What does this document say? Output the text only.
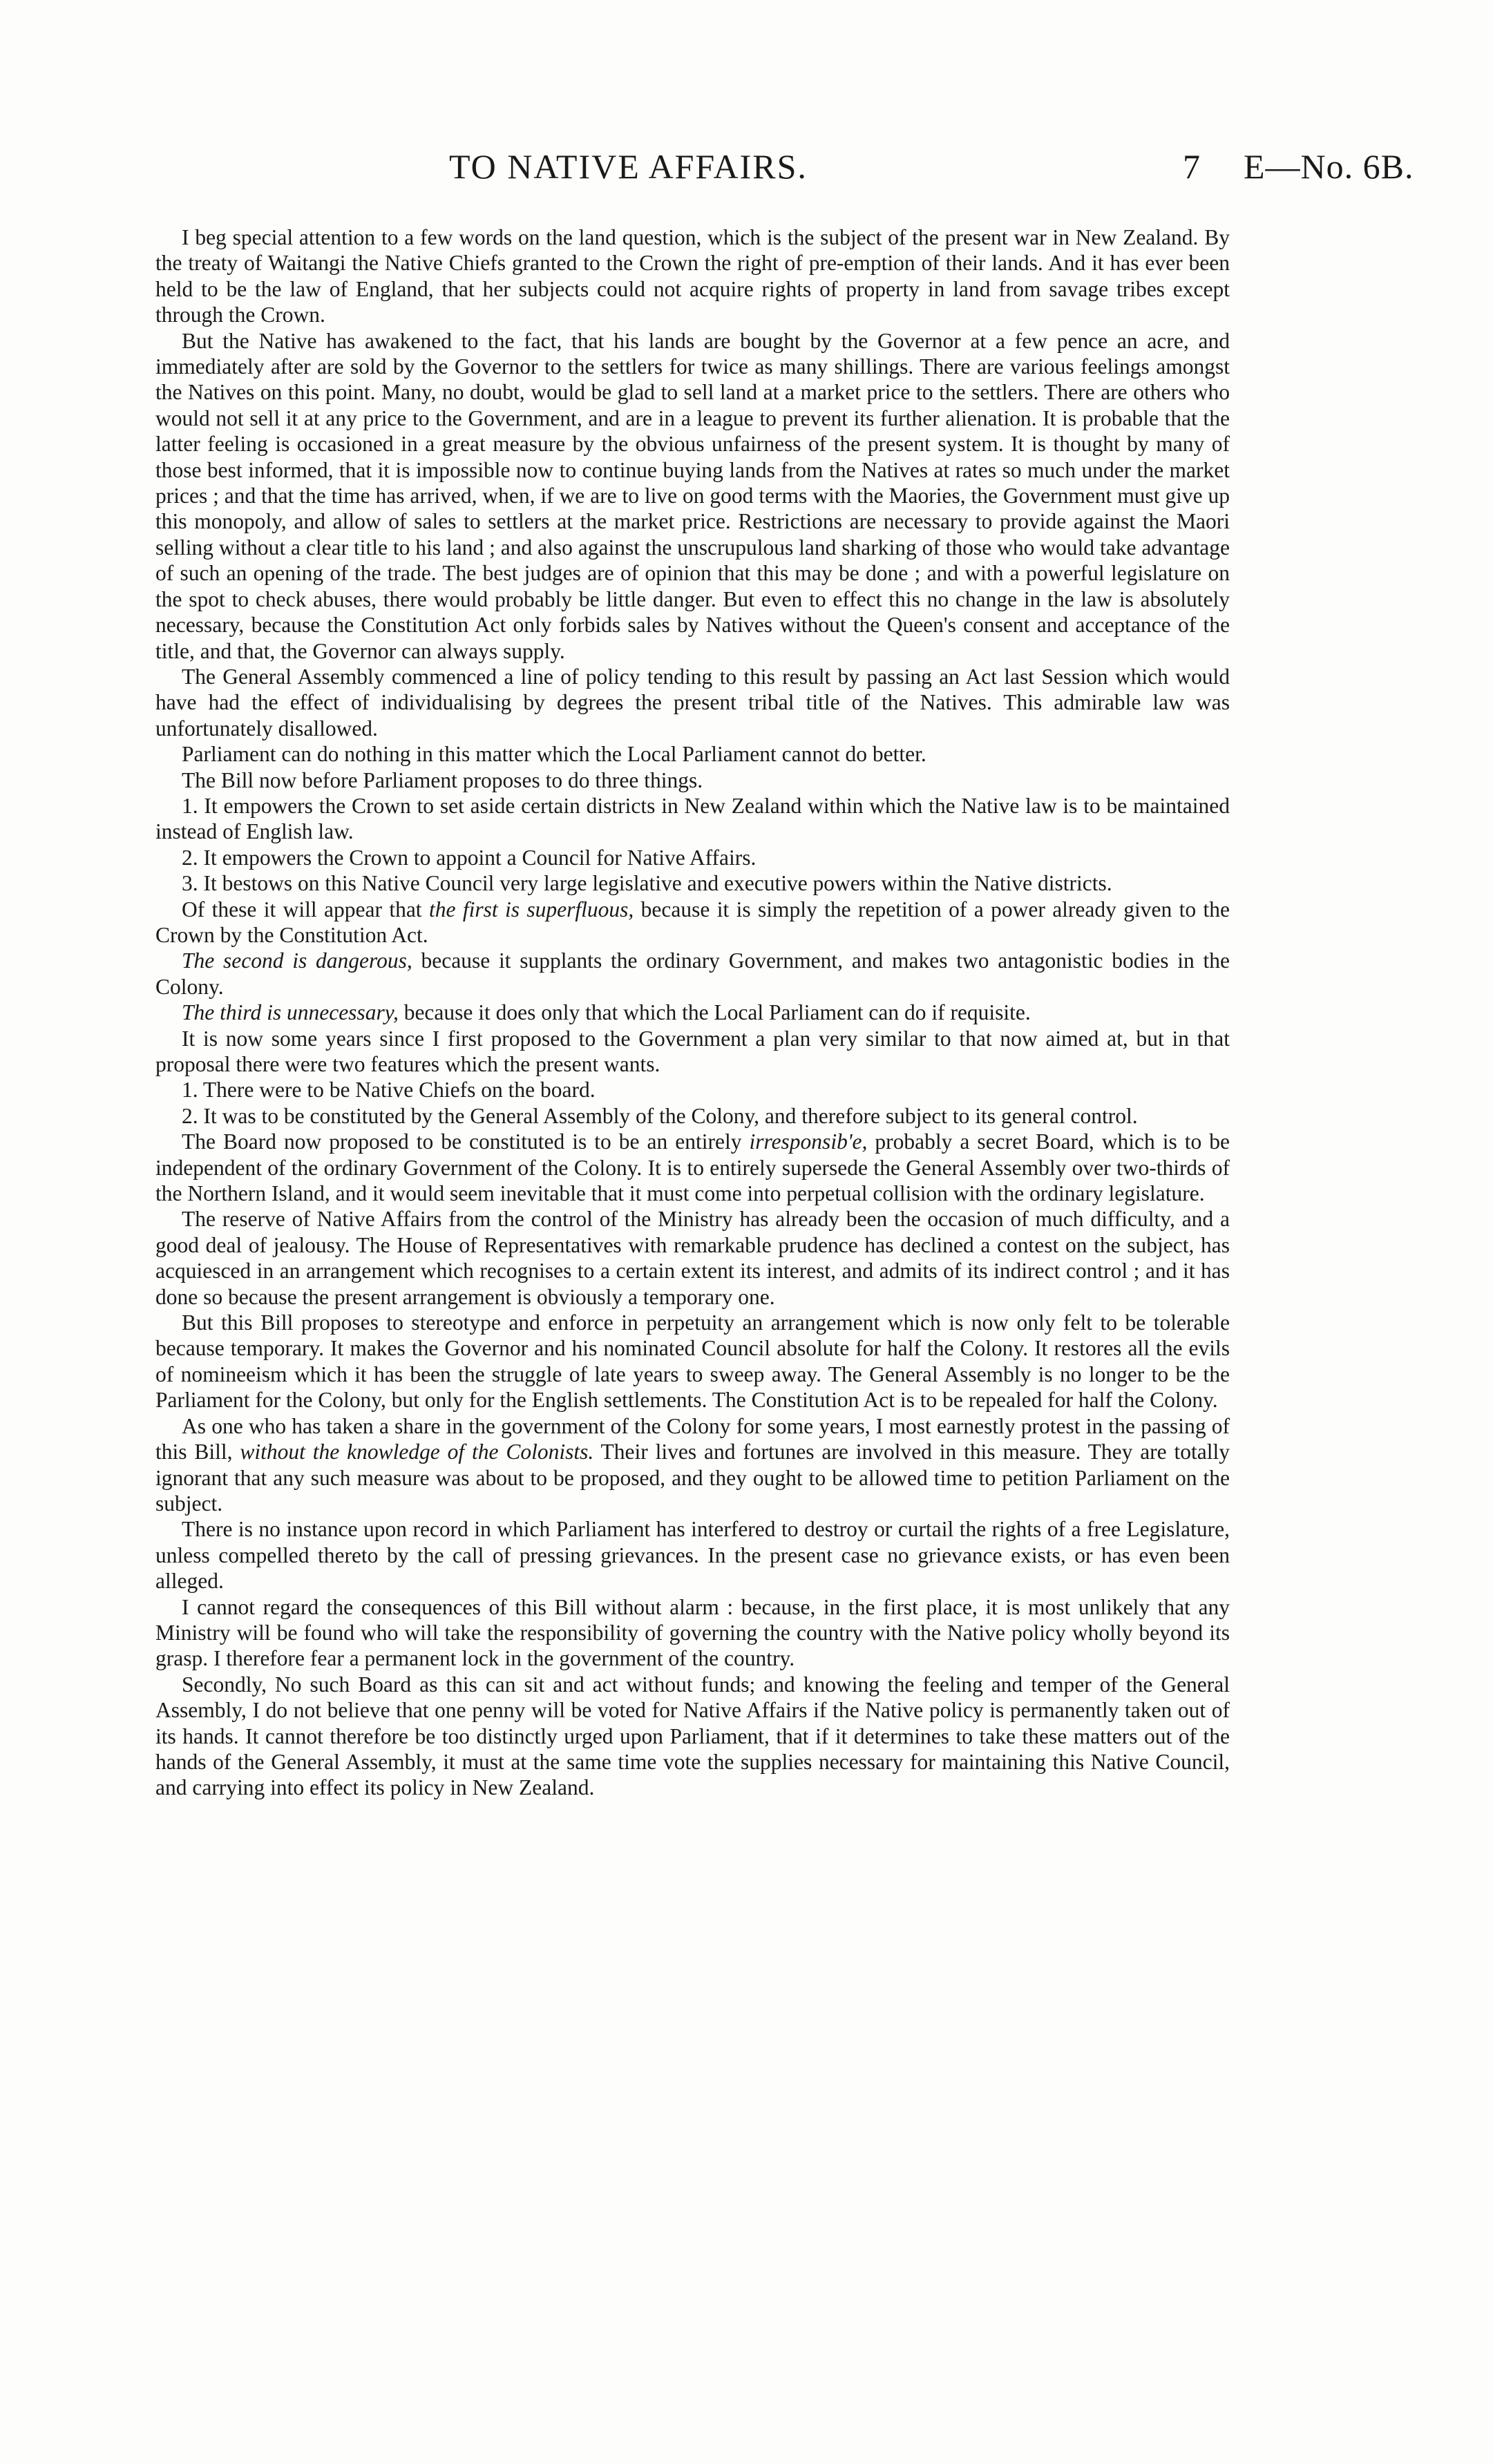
TO NATIVE AFFAIRS.	7 E—No. 6B.

I beg special attention to a few words on the land question, which is the subject of the present war in New Zealand. By the treaty of Waitangi the Native Chiefs granted to the Crown the right of pre-emption of their lands. And it has ever been held to be the law of England, that her subjects could not acquire rights of property in land from savage tribes except through the Crown.

But the Native has awakened to the fact, that his lands are bought by the Governor at a few pence an acre, and immediately after are sold by the Governor to the settlers for twice as many shillings. There are various feelings amongst the Natives on this point. Many, no doubt, would be glad to sell land at a market price to the settlers. There are others who would not sell it at any price to the Government, and are in a league to prevent its further alienation. It is probable that the latter feeling is occasioned in a great measure by the obvious unfairness of the present system. It is thought by many of those best informed, that it is impossible now to continue buying lands from the Natives at rates so much under the market prices ; and that the time has arrived, when, if we are to live on good terms with the Maories, the Government must give up this monopoly, and allow of sales to settlers at the market price. Restrictions are necessary to provide against the Maori selling without a clear title to his land ; and also against the unscrupulous land sharking of those who would take advantage of such an opening of the trade. The best judges are of opinion that this may be done ; and with a powerful legislature on the spot to check abuses, there would probably be little danger. But even to effect this no change in the law is absolutely necessary, because the Constitution Act only forbids sales by Natives without the Queen's consent and acceptance of the title, and that, the Governor can always supply.

The General Assembly commenced a line of policy tending to this result by passing an Act last Session which would have had the effect of individualising by degrees the present tribal title of the Natives. This admirable law was unfortunately disallowed.

Parliament can do nothing in this matter which the Local Parliament cannot do better.

The Bill now before Parliament proposes to do three things.

1. It empowers the Crown to set aside certain districts in New Zealand within which the Native law is to be maintained instead of English law.

2. It empowers the Crown to appoint a Council for Native Affairs.

3. It bestows on this Native Council very large legislative and executive powers within the Native districts.

Of these it will appear that the first is superfluous, because it is simply the repetition of a power already given to the Crown by the Constitution Act.

The second is dangerous, because it supplants the ordinary Government, and makes two antagonistic bodies in the Colony.

The third is unnecessary, because it does only that which the Local Parliament can do if requisite.

It is now some years since I first proposed to the Government a plan very similar to that now aimed at, but in that proposal there were two features which the present wants.

1. There were to be Native Chiefs on the board.

2. It was to be constituted by the General Assembly of the Colony, and therefore subject to its general control.

The Board now proposed to be constituted is to be an entirely irresponsib'e, probably a secret Board, which is to be independent of the ordinary Government of the Colony. It is to entirely supersede the General Assembly over two-thirds of the Northern Island, and it would seem inevitable that it must come into perpetual collision with the ordinary legislature.

The reserve of Native Affairs from the control of the Ministry has already been the occasion of much difficulty, and a good deal of jealousy. The House of Representatives with remarkable prudence has declined a contest on the subject, has acquiesced in an arrangement which recognises to a certain extent its interest, and admits of its indirect control ; and it has done so because the present arrangement is obviously a temporary one.

But this Bill proposes to stereotype and enforce in perpetuity an arrangement which is now only felt to be tolerable because temporary. It makes the Governor and his nominated Council absolute for half the Colony. It restores all the evils of nomineeism which it has been the struggle of late years to sweep away. The General Assembly is no longer to be the Parliament for the Colony, but only for the English settlements. The Constitution Act is to be repealed for half the Colony.

As one who has taken a share in the government of the Colony for some years, I most earnestly protest in the passing of this Bill, without the knowledge of the Colonists. Their lives and fortunes are involved in this measure. They are totally ignorant that any such measure was about to be proposed, and they ought to be allowed time to petition Parliament on the subject.

There is no instance upon record in which Parliament has interfered to destroy or curtail the rights of a free Legislature, unless compelled thereto by the call of pressing grievances. In the present case no grievance exists, or has even been alleged.

I cannot regard the consequences of this Bill without alarm : because, in the first place, it is most unlikely that any Ministry will be found who will take the responsibility of governing the country with the Native policy wholly beyond its grasp. I therefore fear a permanent lock in the government of the country.

Secondly, No such Board as this can sit and act without funds; and knowing the feeling and temper of the General Assembly, I do not believe that one penny will be voted for Native Affairs if the Native policy is permanently taken out of its hands. It cannot therefore be too distinctly urged upon Parliament, that if it determines to take these matters out of the hands of the General Assembly, it must at the same time vote the supplies necessary for maintaining this Native Council, and carrying into effect its policy in New Zealand.
